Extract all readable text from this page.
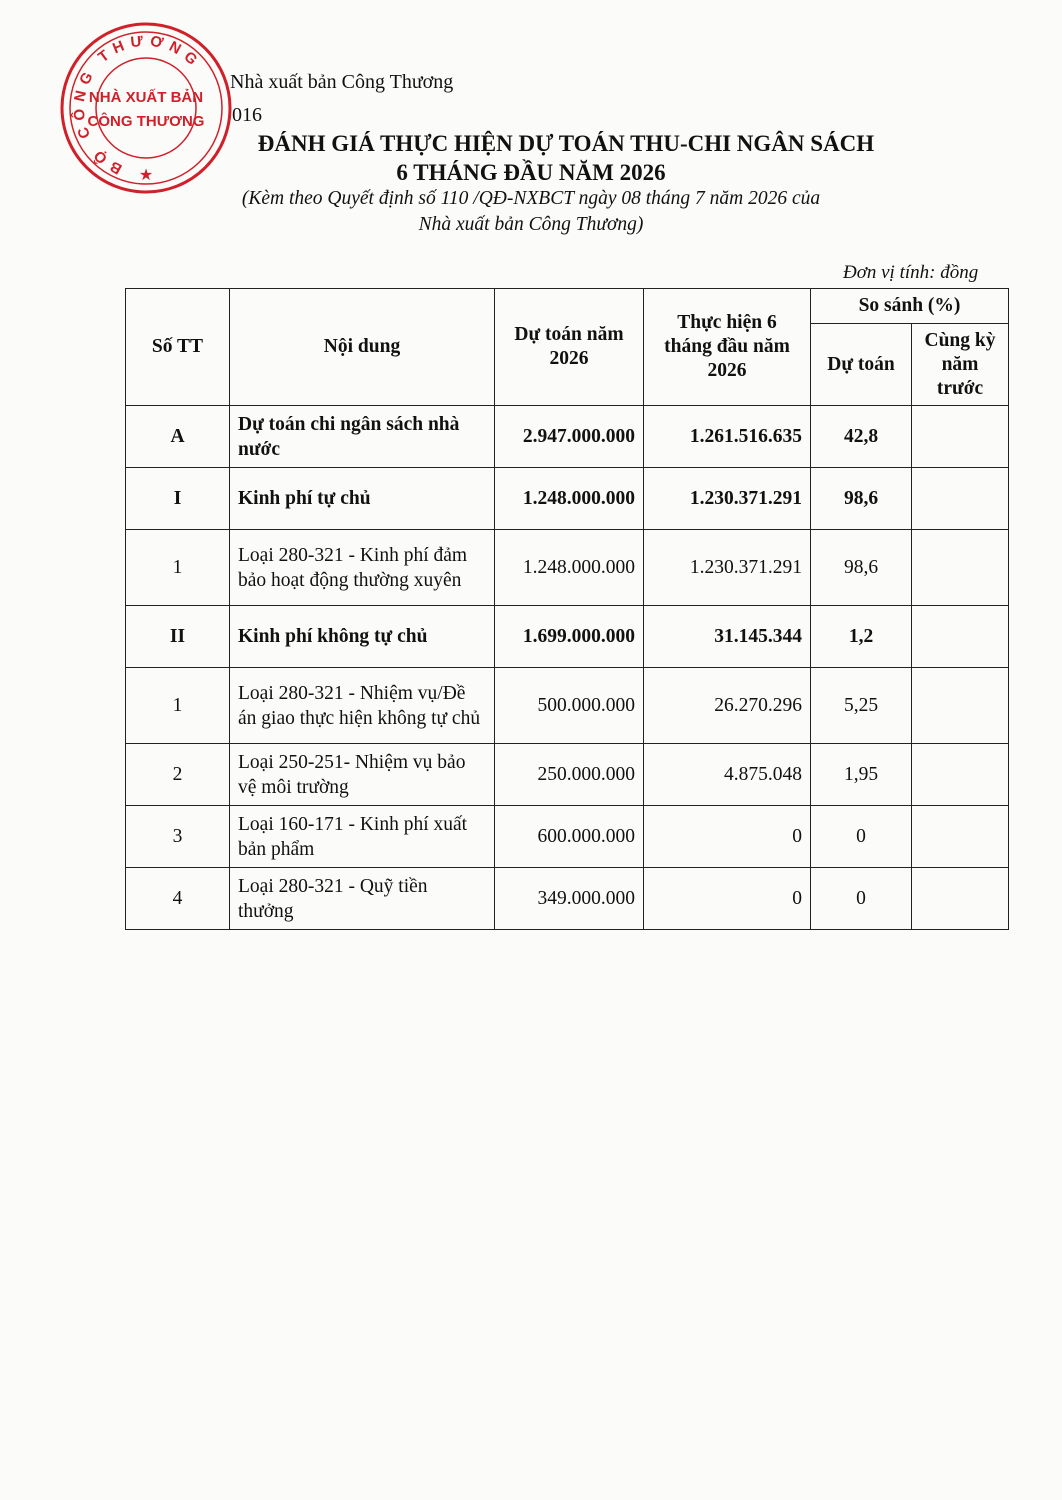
BỘ CÔNG THƯƠNG
NHÀ XUẤT BẢN
CÔNG THƯƠNG
★
Nhà xuất bản Công Thương
016
ĐÁNH GIÁ THỰC HIỆN DỰ TOÁN THU-CHI NGÂN SÁCH
6 THÁNG ĐẦU NĂM 2026
(Kèm theo Quyết định số 110 /QĐ-NXBCT ngày 08 tháng 7 năm 2026 của
Nhà xuất bản Công Thương)
Đơn vị tính: đồng
Số TT	Nội dung	Dự toán năm 2026	Thực hiện 6 tháng đầu năm 2026	So sánh (%)	
				Dự toán	Cùng kỳ năm trước
A	Dự toán chi ngân sách nhà nước	2.947.000.000	1.261.516.635	42,8	
I	Kinh phí tự chủ	1.248.000.000	1.230.371.291	98,6	
1	Loại 280-321 - Kinh phí đảm bảo hoạt động thường xuyên	1.248.000.000	1.230.371.291	98,6	
II	Kinh phí không tự chủ	1.699.000.000	31.145.344	1,2	
1	Loại 280-321 - Nhiệm vụ/Đề án giao thực hiện không tự chủ	500.000.000	26.270.296	5,25	
2	Loại 250-251- Nhiệm vụ bảo vệ môi trường	250.000.000	4.875.048	1,95	
3	Loại 160-171 - Kinh phí xuất bản phẩm	600.000.000	0	0	
4	Loại 280-321 - Quỹ tiền thưởng	349.000.000	0	0	
